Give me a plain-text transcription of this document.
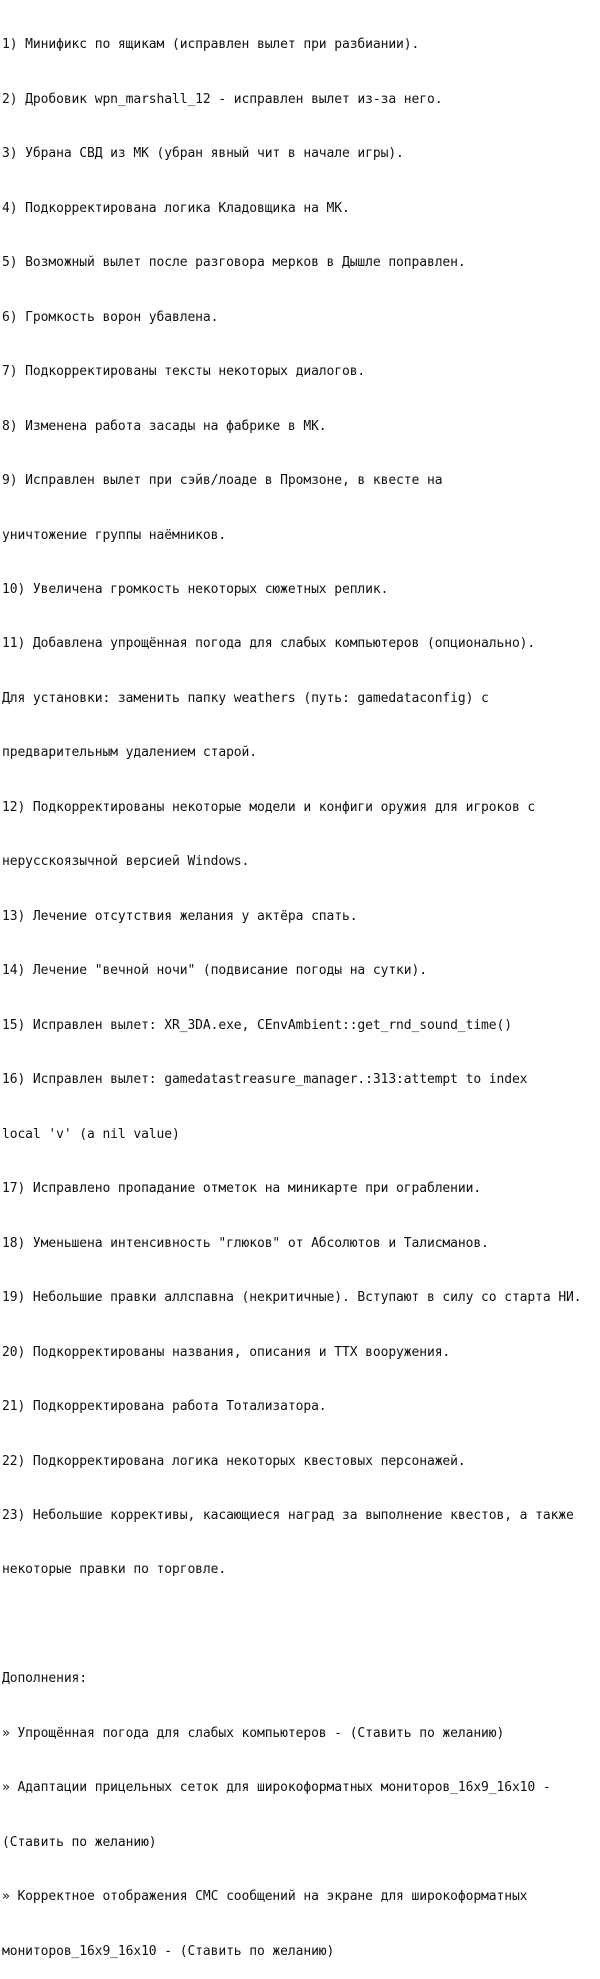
1) Минификс по ящикам (исправлен вылет при разбиании).

2) Дробовик wpn_marshall_12 - исправлен вылет из-за него.

3) Убрана СВД из МК (убран явный чит в начале игры).

4) Подкорректирована логика Кладовщика на МК.

5) Возможный вылет после разговора мерков в Дышле поправлен.

6) Громкость ворон убавлена.

7) Подкорректированы тексты некоторых диалогов.

8) Изменена работа засады на фабрике в МК.

9) Исправлен вылет при сэйв/лоаде в Промзоне, в квесте на

уничтожение группы наёмников.

10) Увеличена громкость некоторых сюжетных реплик.

11) Добавлена упрощённая погода для слабых компьютеров (опционально).

Для установки: заменить папку weathers (путь: gamedataconfig) с

предварительным удалением старой.

12) Подкорректированы некоторые модели и конфиги оружия для игроков с

нерусскоязычной версией Windows.

13) Лечение отсутствия желания у актёра спать.

14) Лечение "вечной ночи" (подвисание погоды на сутки).

15) Исправлен вылет: XR_3DA.exe, CEnvAmbient::get_rnd_sound_time()

16) Исправлен вылет: gamedatastreasure_manager.:313:attempt to index

local 'v' (a nil value)

17) Исправлено пропадание отметок на миникарте при ограблении.

18) Уменьшена интенсивность "глюков" от Абсолютов и Талисманов.

19) Небольшие правки аллспавна (некритичные). Вступают в силу со старта НИ.

20) Подкорректированы названия, описания и ТТХ вооружения.

21) Подкорректирована работа Тотализатора.

22) Подкорректирована логика некоторых квестовых персонажей.

23) Небольшие коррективы, касающиеся наград за выполнение квестов, а также

некоторые правки по торговле.

Дополнения:

» Упрощённая погода для слабых компьютеров - (Ставить по желанию)

» Адаптации прицельных сеток для широкоформатных мониторов_16x9_16x10 -

(Ставить по желанию)

» Корректное отображения СМС сообщений на экране для широкоформатных

мониторов_16x9_16x10 - (Ставить по желанию)
